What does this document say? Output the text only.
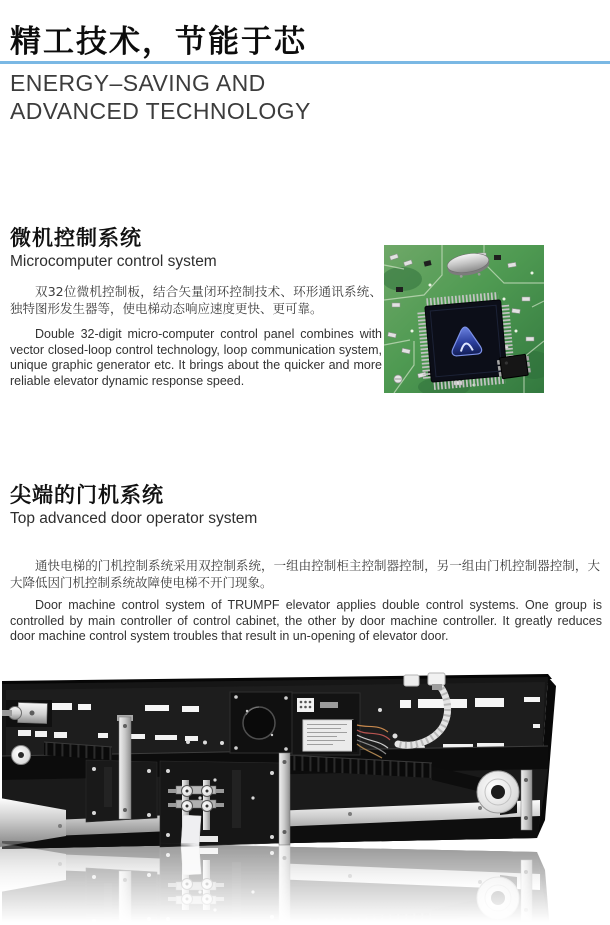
精工技术，节能于芯
ENERGY–SAVING AND
ADVANCED TECHNOLOGY
微机控制系统
Microcomputer control system

双32位微机控制板，结合矢量闭环控制技术、环形通讯系统、独特图形发生器等，使电梯动态响应速度更快、更可靠。

Double 32-digit micro-computer control panel combines with vector closed-loop control technology, loop communication system, unique graphic generator etc. It brings about the quicker and more reliable elevator dynamic response speed.

尖端的门机系统
Top advanced door operator system

通快电梯的门机控制系统采用双控制系统，一组由控制柜主控制器控制，另一组由门机控制器控制，大大降低因门机控制系统故障使电梯不开门现象。

Door machine control system of TRUMPF elevator applies double control systems. One group is controlled by main controller of control cabinet, the other by door machine controller. It greatly reduces door machine control system troubles that result in un-opening of elevator door.
